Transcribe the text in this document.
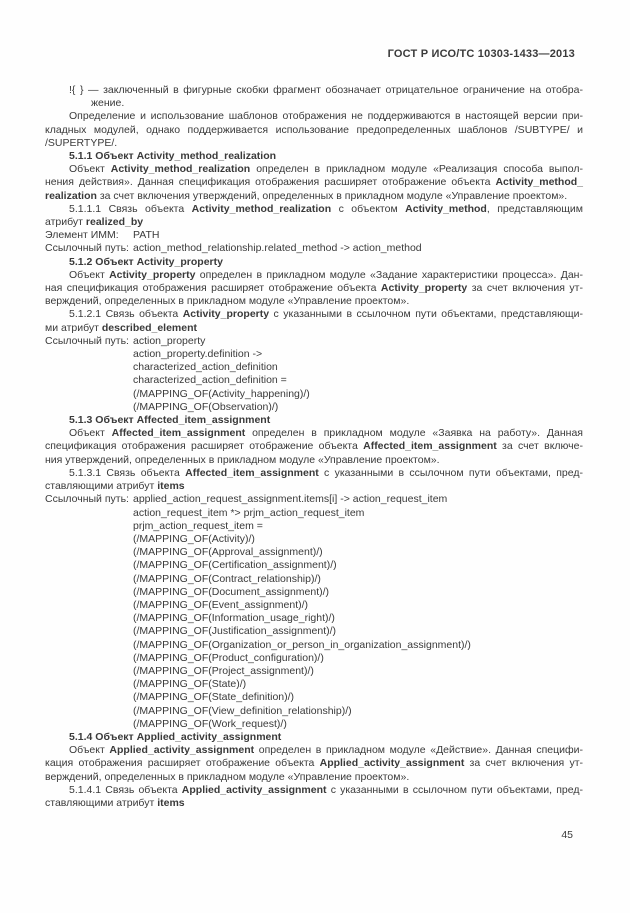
ГОСТ Р ИСО/ТС 10303-1433—2013
!{ } — заключенный в фигурные скобки фрагмент обозначает отрицательное ограничение на отобра-
жение.
Определение и использование шаблонов отображения не поддерживаются в настоящей версии при-
кладных модулей, однако поддерживается использование предопределенных шаблонов /SUBTYPE/ и
/SUPERTYPE/.
5.1.1 Объект Activity_method_realization
Объект Activity_method_realization определен в прикладном модуле «Реализация способа выпол-
нения действия». Данная спецификация отображения расширяет отображение объекта Activity_method_
realization за счет включения утверждений, определенных в прикладном модуле «Управление проектом».
5.1.1.1 Связь объекта Activity_method_realization с объектом Activity_method, представляющим
атрибут realized_by
Элемент ИММ: PATH
Ссылочный путь: action_method_relationship.related_method -> action_method
5.1.2 Объект Activity_property
Объект Activity_property определен в прикладном модуле «Задание характеристики процесса». Дан-
ная спецификация отображения расширяет отображение объекта Activity_property за счет включения ут-
верждений, определенных в прикладном модуле «Управление проектом».
5.1.2.1 Связь объекта Activity_property с указанными в ссылочном пути объектами, представляющи-
ми атрибут described_element
Ссылочный путь: action_property
action_property.definition ->
characterized_action_definition
characterized_action_definition =
(/MAPPING_OF(Activity_happening)/)
(/MAPPING_OF(Observation)/)
5.1.3 Объект Affected_item_assignment
Объект Affected_item_assignment определен в прикладном модуле «Заявка на работу». Данная
спецификация отображения расширяет отображение объекта Affected_item_assignment за счет включе-
ния утверждений, определенных в прикладном модуле «Управление проектом».
5.1.3.1 Связь объекта Affected_item_assignment с указанными в ссылочном пути объектами, пред-
ставляющими атрибут items
Ссылочный путь: applied_action_request_assignment.items[i] -> action_request_item
action_request_item *> prjm_action_request_item
prjm_action_request_item =
(/MAPPING_OF(Activity)/)
(/MAPPING_OF(Approval_assignment)/)
(/MAPPING_OF(Certification_assignment)/)
(/MAPPING_OF(Contract_relationship)/)
(/MAPPING_OF(Document_assignment)/)
(/MAPPING_OF(Event_assignment)/)
(/MAPPING_OF(Information_usage_right)/)
(/MAPPING_OF(Justification_assignment)/)
(/MAPPING_OF(Organization_or_person_in_organization_assignment)/)
(/MAPPING_OF(Product_configuration)/)
(/MAPPING_OF(Project_assignment)/)
(/MAPPING_OF(State)/)
(/MAPPING_OF(State_definition)/)
(/MAPPING_OF(View_definition_relationship)/)
(/MAPPING_OF(Work_request)/)
5.1.4 Объект Applied_activity_assignment
Объект Applied_activity_assignment определен в прикладном модуле «Действие». Данная специфи-
кация отображения расширяет отображение объекта Applied_activity_assignment за счет включения ут-
верждений, определенных в прикладном модуле «Управление проектом».
5.1.4.1 Связь объекта Applied_activity_assignment с указанными в ссылочном пути объектами, пред-
ставляющими атрибут items
45
